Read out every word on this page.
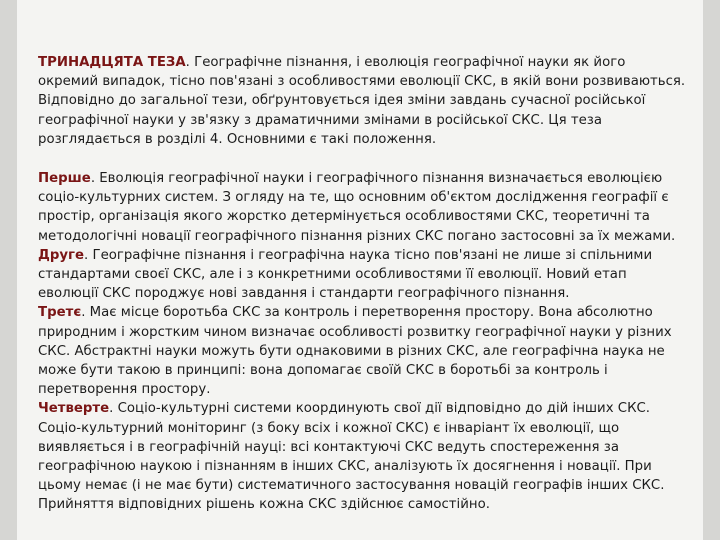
ТРИНАДЦЯТА ТЕЗА. Географічне пізнання, і еволюція географічної науки як його окремий випадок, тісно пов'язані з особливостями еволюції СКС, в якій вони розвиваються. Відповідно до загальної тези, обґрунтовується ідея зміни завдань сучасної російської географічної науки у зв'язку з драматичними змінами в російської СКС. Ця теза розглядається в розділі 4. Основними є такі положення.

Перше. Еволюція географічної науки і географічного пізнання визначається еволюцією соціо-культурних систем. З огляду на те, що основним об'єктом дослідження географії є простір, організація якого жорстко детермінується особливостями СКС, теоретичні та методологічні новації географічного пізнання різних СКС погано застосовні за їх межами.

Друге. Географічне пізнання і географічна наука тісно пов'язані не лише зі спільними стандартами своєї СКС, але і з конкретними особливостями її еволюції. Новий етап еволюції СКС породжує нові завдання і стандарти географічного пізнання.

Третє. Має місце боротьба СКС за контроль і перетворення простору. Вона абсолютно природним і жорстким чином визначає особливості розвитку географічної науки у різних СКС. Абстрактні науки можуть бути однаковими в різних СКС, але географічна наука не може бути такою в принципі: вона допомагає своїй СКС в боротьбі за контроль і перетворення простору.

Четверте. Соціо-культурні системи координують свої дії відповідно до дій інших СКС. Соціо-культурний моніторинг (з боку всіх і кожної СКС) є інваріант їх еволюції, що виявляється і в географічній науці: всі контактуючі СКС ведуть спостереження за географічною наукою і пізнанням в інших СКС, аналізують їх досягнення і новації. При цьому немає (і не має бути) систематичного застосування новацій географів інших СКС. Прийняття відповідних рішень кожна СКС здійснює самостійно.
